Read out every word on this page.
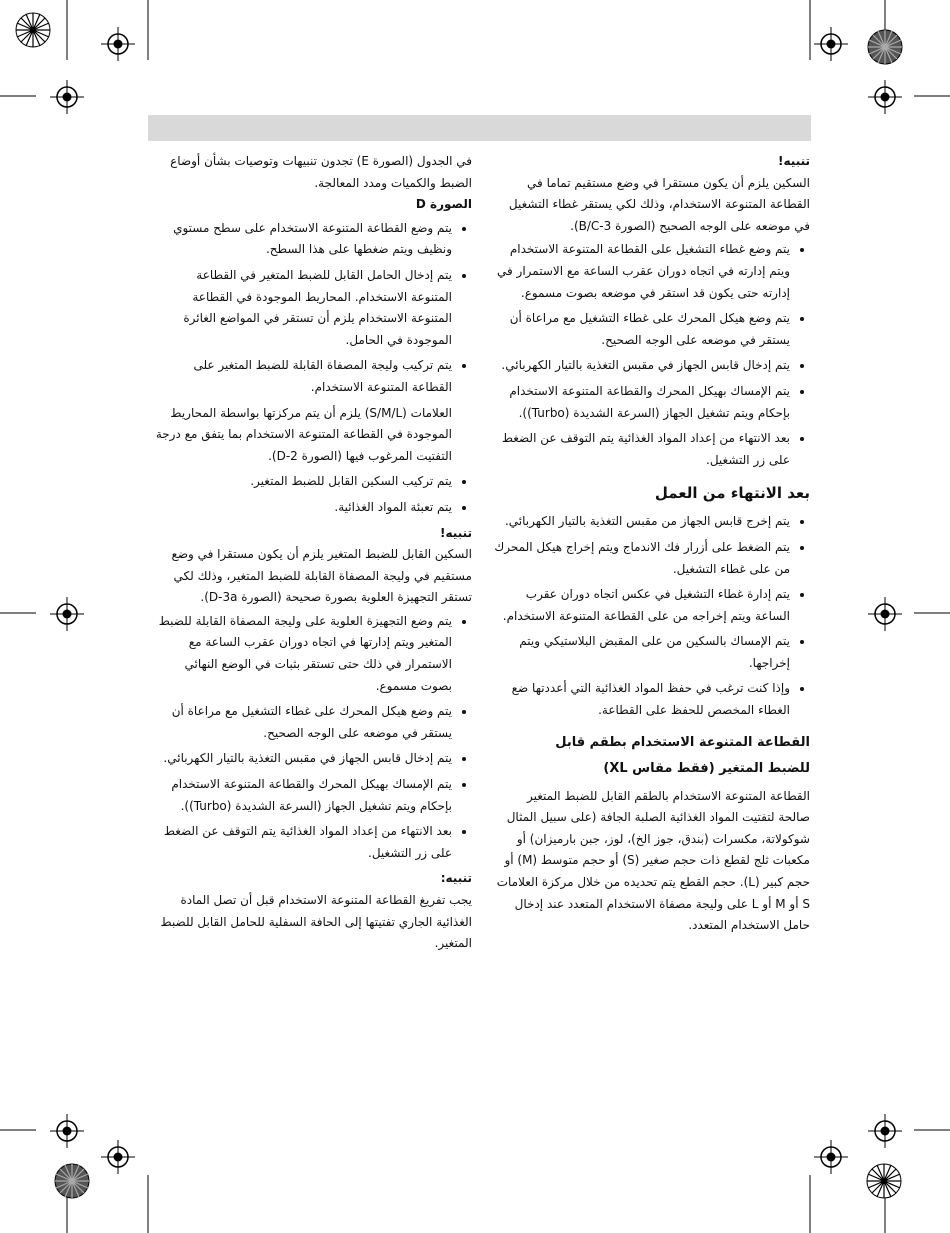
تنبيه!

السكين يلزم أن يكون مستقرا في وضع مستقيم تماما في القطاعة المتنوعة الاستخدام، وذلك لكي يستقر غطاء التشغيل في موضعه على الوجه الصحيح (الصورة B/C-3).

• يتم وضع غطاء التشغيل على القطاعة المتنوعة الاستخدام ويتم إدارته في اتجاه دوران عقرب الساعة مع الاستمرار في إدارته حتى يكون قد استقر في موضعه بصوت مسموع.
• يتم وضع هيكل المحرك على غطاء التشغيل مع مراعاة أن يستقر في موضعه على الوجه الصحيح.
• يتم إدخال قابس الجهاز في مقبس التغذية بالتيار الكهربائي.
• يتم الإمساك بهيكل المحرك والقطاعة المتنوعة الاستخدام بإحكام ويتم تشغيل الجهاز (السرعة الشديدة (Turbo)).
• بعد الانتهاء من إعداد المواد الغذائية يتم التوقف عن الضغط على زر التشغيل.

بعد الانتهاء من العمل

• يتم إخرج قابس الجهاز من مقبس التغذية بالتيار الكهربائي.
• يتم الضغط على أزرار فك الاندماج ويتم إخراج هيكل المحرك من على غطاء التشغيل.
• يتم إدارة غطاء التشغيل في عكس اتجاه دوران عقرب الساعة ويتم إخراجه من على القطاعة المتنوعة الاستخدام.
• يتم الإمساك بالسكين من على المقبض البلاستيكي ويتم إخراجها.
• وإذا كنت ترغب في حفظ المواد الغذائية التي أعددتها ضع الغطاء المخصص للحفظ على القطاعة.

القطاعة المتنوعة الاستخدام بطقم قابل

للضبط المتغير (فقط مقاس XL)

القطاعة المتنوعة الاستخدام بالطقم القابل للضبط المتغير صالحة لتفتيت المواد الغذائية الصلبة الجافة (على سبيل المثال شوكولاتة، مكسرات (بندق، جوز الخ)، لوز، جبن بارميزان) أو مكعبات ثلج لقطع ذات حجم صغير (S) أو حجم متوسط (M) أو حجم كبير (L). حجم القطع يتم تحديده من خلال مركزة العلامات S أو M أو L على وليجة مصفاة الاستخدام المتعدد عند إدخال حامل الاستخدام المتعدد.

في الجدول (الصورة E) تجدون تنبيهات وتوصيات بشأن أوضاع الضبط والكميات ومدد المعالجة.

الصورة D

• يتم وضع القطاعة المتنوعة الاستخدام على سطح مستوي ونظيف ويتم ضغطها على هذا السطح.
• يتم إدخال الحامل القابل للضبط المتغير في القطاعة المتنوعة الاستخدام. المحاريط الموجودة في القطاعة المتنوعة الاستخدام يلزم أن تستقر في المواضع الغائرة الموجودة في الحامل.
• يتم تركيب وليجة المصفاة القابلة للضبط المتغير على القطاعة المتنوعة الاستخدام.
العلامات (S/M/L) يلزم أن يتم مركزتها بواسطة المحاريط الموجودة في القطاعة المتنوعة الاستخدام بما يتفق مع درجة التفتيت المرغوب فيها (الصورة D-2).
• يتم تركيب السكين القابل للضبط المتغير.
• يتم تعبئة المواد الغذائية.

تنبيه!

السكين القابل للضبط المتغير يلزم أن يكون مستقرا في وضع مستقيم في وليجة المصفاة القابلة للضبط المتغير، وذلك لكي تستقر التجهيزة العلوية بصورة صحيحة (الصورة D-3a).

• يتم وضع التجهيزة العلوية على وليجة المصفاة القابلة للضبط المتغير ويتم إدارتها في اتجاه دوران عقرب الساعة مع الاستمرار في ذلك حتى تستقر بثبات في الوضع النهائي بصوت مسموع.
• يتم وضع هيكل المحرك على غطاء التشغيل مع مراعاة أن يستقر في موضعه على الوجه الصحيح.
• يتم إدخال قابس الجهاز في مقبس التغذية بالتيار الكهربائي.
• يتم الإمساك بهيكل المحرك والقطاعة المتنوعة الاستخدام بإحكام ويتم تشغيل الجهاز (السرعة الشديدة (Turbo)).
• بعد الانتهاء من إعداد المواد الغذائية يتم التوقف عن الضغط على زر التشغيل.

تنبيه:

يجب تفريغ القطاعة المتنوعة الاستخدام قبل أن تصل المادة الغذائية الجاري تفتيتها إلى الحافة السفلية للحامل القابل للضبط المتغير.
